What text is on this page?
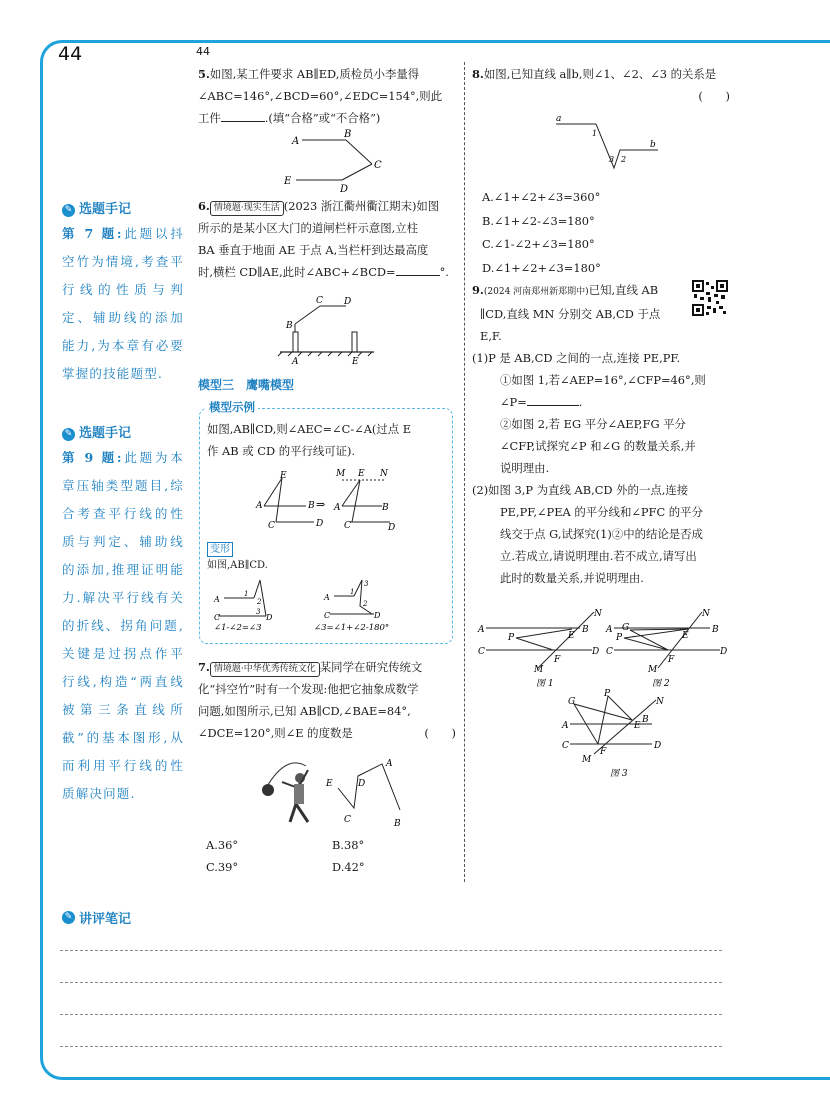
44	44
✎ 选题手记
第 7 题:此题以抖空竹为情境,考查平行线的性质与判定、辅助线的添加能力,为本章有必要掌握的技能题型.
✎ 选题手记
第 9 题:此题为本章压轴类型题目,综合考查平行线的性质与判定、辅助线的添加,推理证明能力.解决平行线有关的折线、拐角问题,关键是过拐点作平行线,构造“两直线被第三条直线所截”的基本图形,从而利用平行线的性质解决问题.
5.如图,某工件要求 AB∥ED,质检员小李量得
∠ABC=146°,∠BCD=60°,∠EDC=154°,则此
工件	.(填“合格”或“不合格”)
A
B
C
E
D
6. 情境题·现实生活 (2023 浙江衢州衢江期末)如图
所示的是某小区大门的道闸栏杆示意图,立柱
BA 垂直于地面 AE 于点 A,当栏杆到达最高度
时,横栏 CD∥AE,此时∠ABC+∠BCD=	°.
C D
B
A	E
模型三　鹰嘴模型
模型示例
如图,AB∥CD,则∠AEC=∠C-∠A(过点 E
作 AB 或 CD 的平行线可证).
E
A	B
C	D
⇒
M E N
A	B
C	D
变形
如图,AB∥CD.
A
C	D
1
2
3
∠1-∠2=∠3
A
C	D
3
1
2
∠3=∠1+∠2-180°
7. 情境题·中华优秀传统文化 某同学在研究传统文
化“抖空竹”时有一个发现:他把它抽象成数学
问题,如图所示,已知 AB∥CD,∠BAE=84°,
∠DCE=120°,则∠E 的度数是	(　　)
A
E
C
D
B
A.36°	B.38°
C.39°	D.42°
8.如图,已知直线 a∥b,则∠1、∠2、∠3 的关系是
(　　)
a
b
1
3 2
A.∠1+∠2+∠3=360°
B.∠1+∠2-∠3=180°
C.∠1-∠2+∠3=180°
D.∠1+∠2+∠3=180°
9.(2024 河南郑州新郑期中)已知,直线 AB
∥CD,直线 MN 分别交 AB,CD 于点
E,F.
(1)P 是 AB,CD 之间的一点,连接 PE,PF.
①如图 1,若∠AEP=16°,∠CFP=46°,则
∠P=	.
②如图 2,若 EG 平分∠AEP,FG 平分
∠CFP,试探究∠P 和∠G 的数量关系,并
说明理由.
(2)如图 3,P 为直线 AB,CD 外的一点,连接
PE,PF,∠PEA 的平分线和∠PFC 的平分
线交于点 G,试探究(1)②中的结论是否成
立.若成立,请说明理由.若不成立,请写出
此时的数量关系,并说明理由.
A	B
C	D
E
F
M
N
P
图 1
A	B
C	D
E
F
M
N
P
G
图 2
A
B
C	D
E
F
M
N
P
G
图 3
✎ 讲评笔记
